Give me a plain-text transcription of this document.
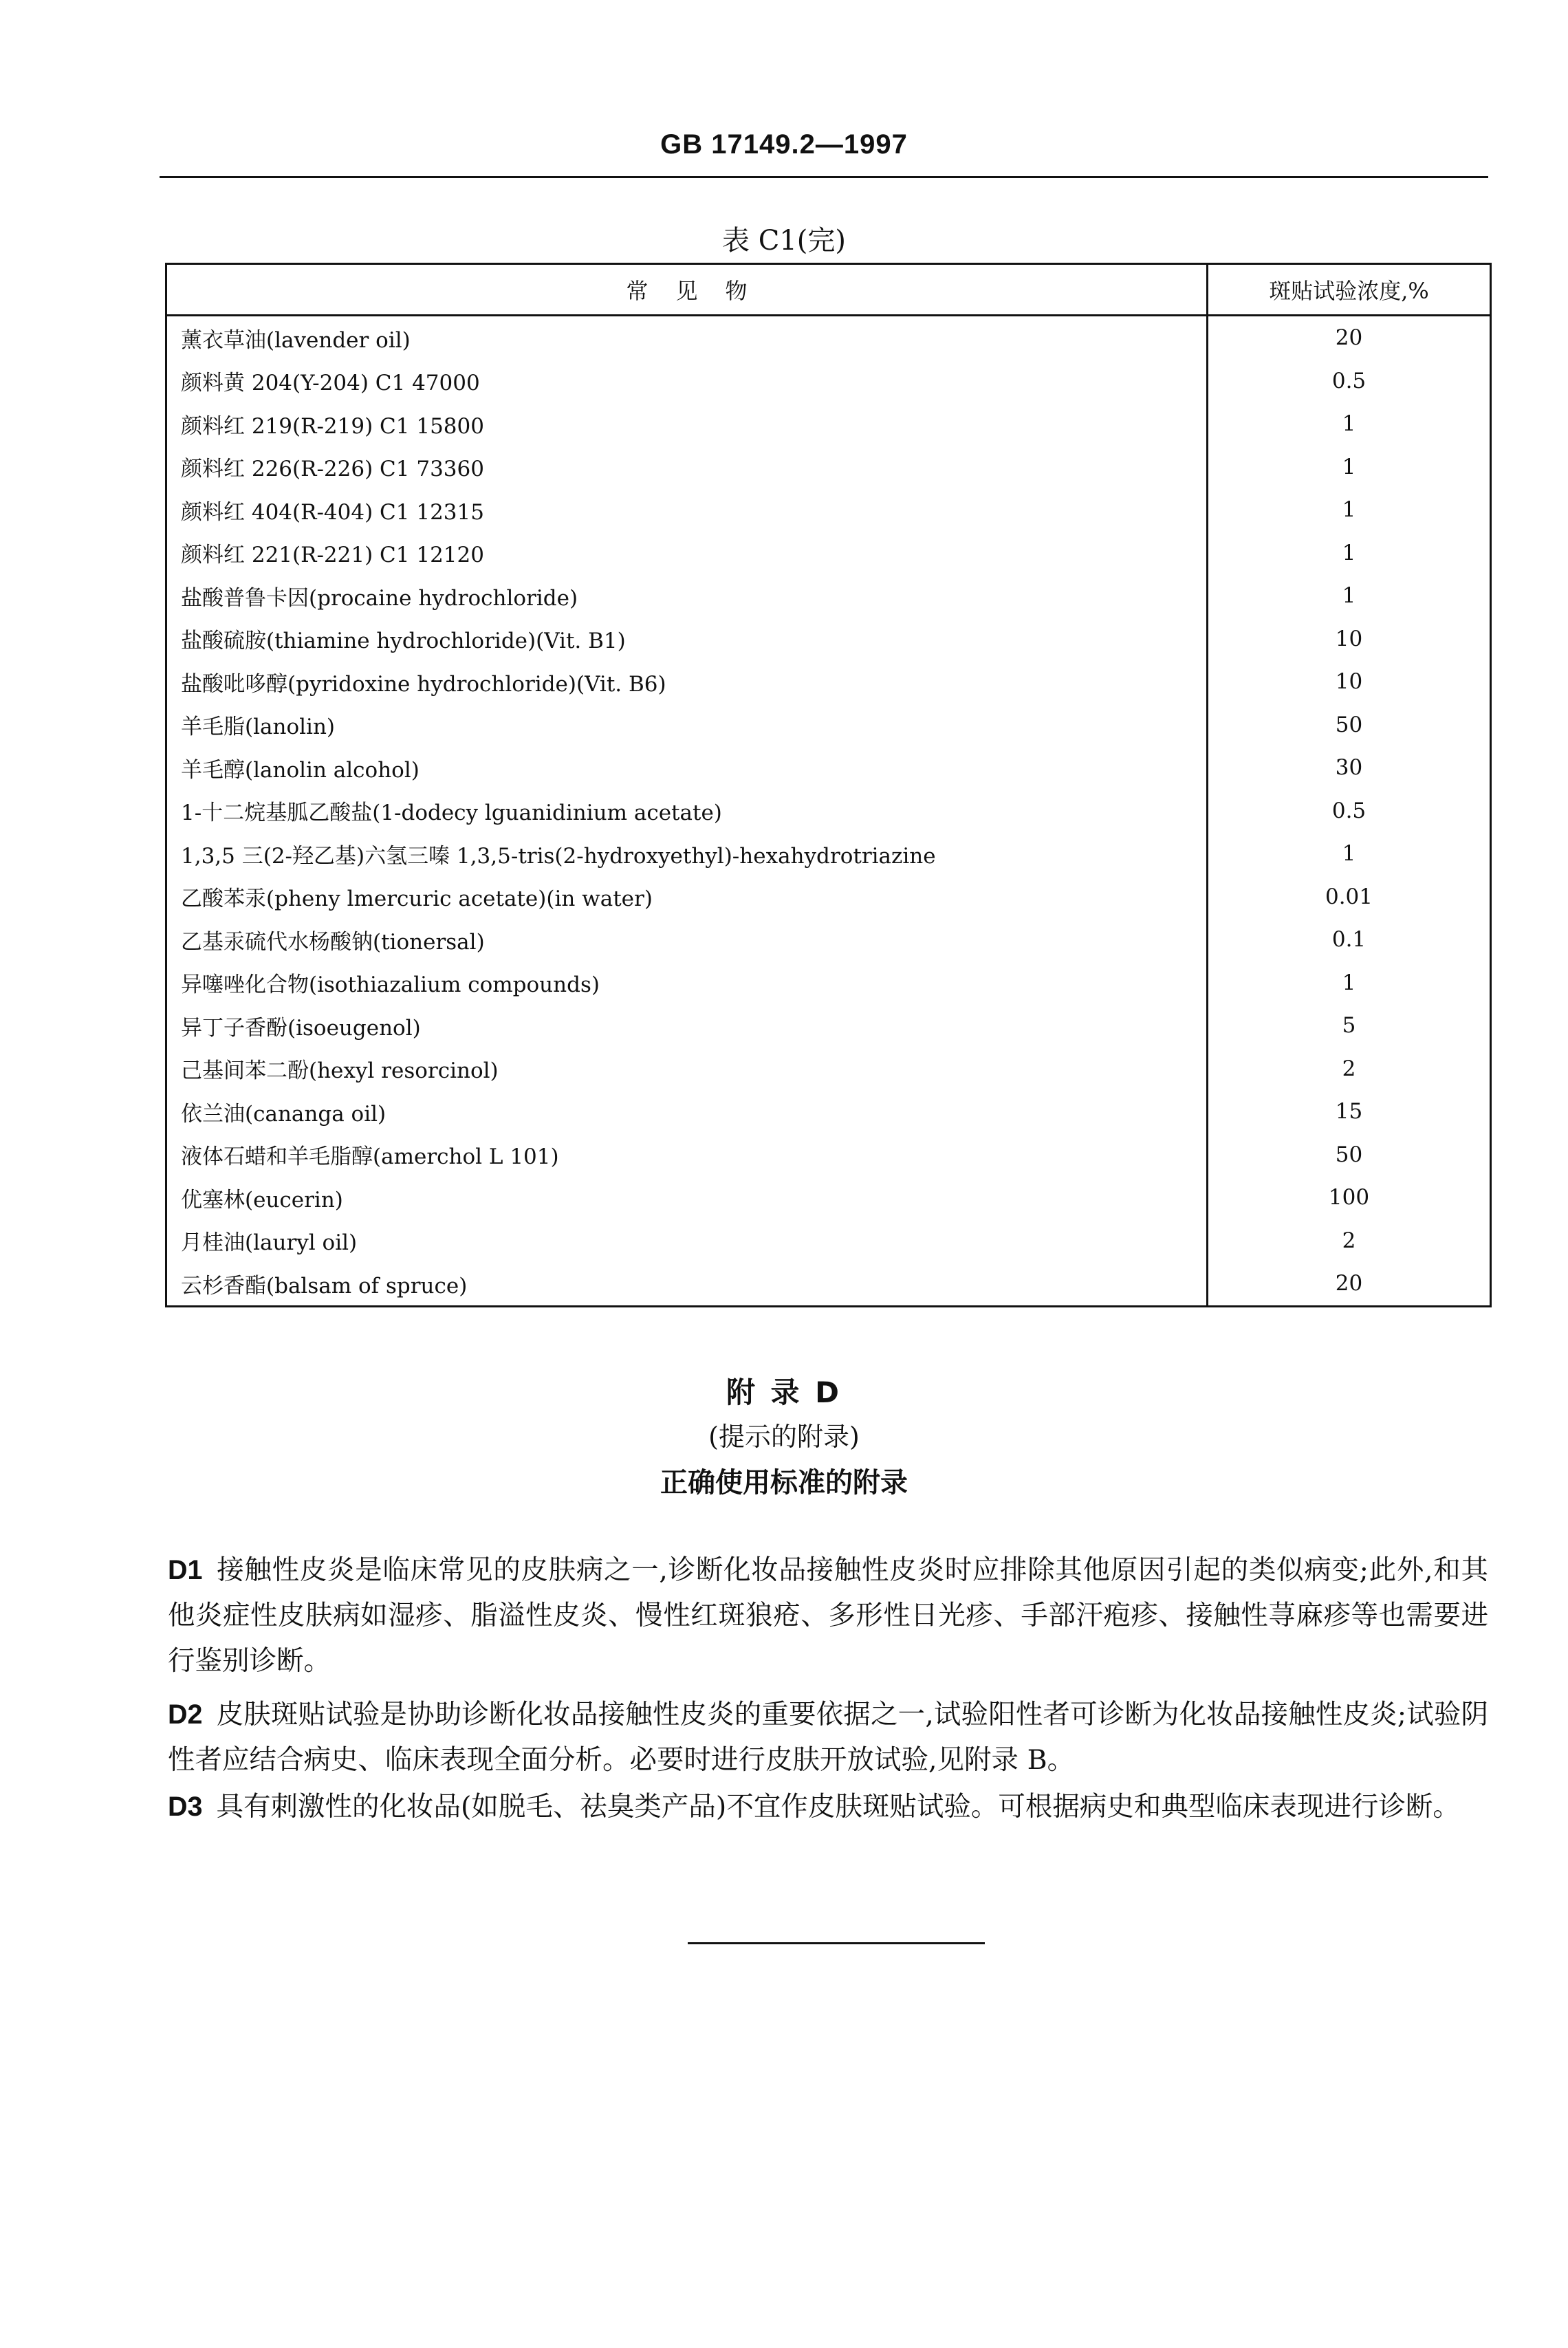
GB 17149.2—1997
表 C1(完)
常见物	斑贴试验浓度,%
薰衣草油(lavender oil)	20
颜料黄 204(Y-204) C1 47000	0.5
颜料红 219(R-219) C1 15800	1
颜料红 226(R-226) C1 73360	1
颜料红 404(R-404) C1 12315	1
颜料红 221(R-221) C1 12120	1
盐酸普鲁卡因(procaine hydrochloride)	1
盐酸硫胺(thiamine hydrochloride)(Vit. B1)	10
盐酸吡哆醇(pyridoxine hydrochloride)(Vit. B6)	10
羊毛脂(lanolin)	50
羊毛醇(lanolin alcohol)	30
1-十二烷基胍乙酸盐(1-dodecy lguanidinium acetate)	0.5
1,3,5 三(2-羟乙基)六氢三嗪 1,3,5-tris(2-hydroxyethyl)-hexahydrotriazine	1
乙酸苯汞(pheny lmercuric acetate)(in water)	0.01
乙基汞硫代水杨酸钠(tionersal)	0.1
异噻唑化合物(isothiazalium compounds)	1
异丁子香酚(isoeugenol)	5
己基间苯二酚(hexyl resorcinol)	2
依兰油(cananga oil)	15
液体石蜡和羊毛脂醇(amerchol L 101)	50
优塞林(eucerin)	100
月桂油(lauryl oil)	2
云杉香酯(balsam of spruce)	20
附 录 D
(提示的附录)
正确使用标准的附录
D1 接触性皮炎是临床常见的皮肤病之一,诊断化妆品接触性皮炎时应排除其他原因引起的类似病变;此外,和其他炎症性皮肤病如湿疹、脂溢性皮炎、慢性红斑狼疮、多形性日光疹、手部汗疱疹、接触性荨麻疹等也需要进行鉴别诊断。
D2 皮肤斑贴试验是协助诊断化妆品接触性皮炎的重要依据之一,试验阳性者可诊断为化妆品接触性皮炎;试验阴性者应结合病史、临床表现全面分析。必要时进行皮肤开放试验,见附录 B。
D3 具有刺激性的化妆品(如脱毛、祛臭类产品)不宜作皮肤斑贴试验。可根据病史和典型临床表现进行诊断。
